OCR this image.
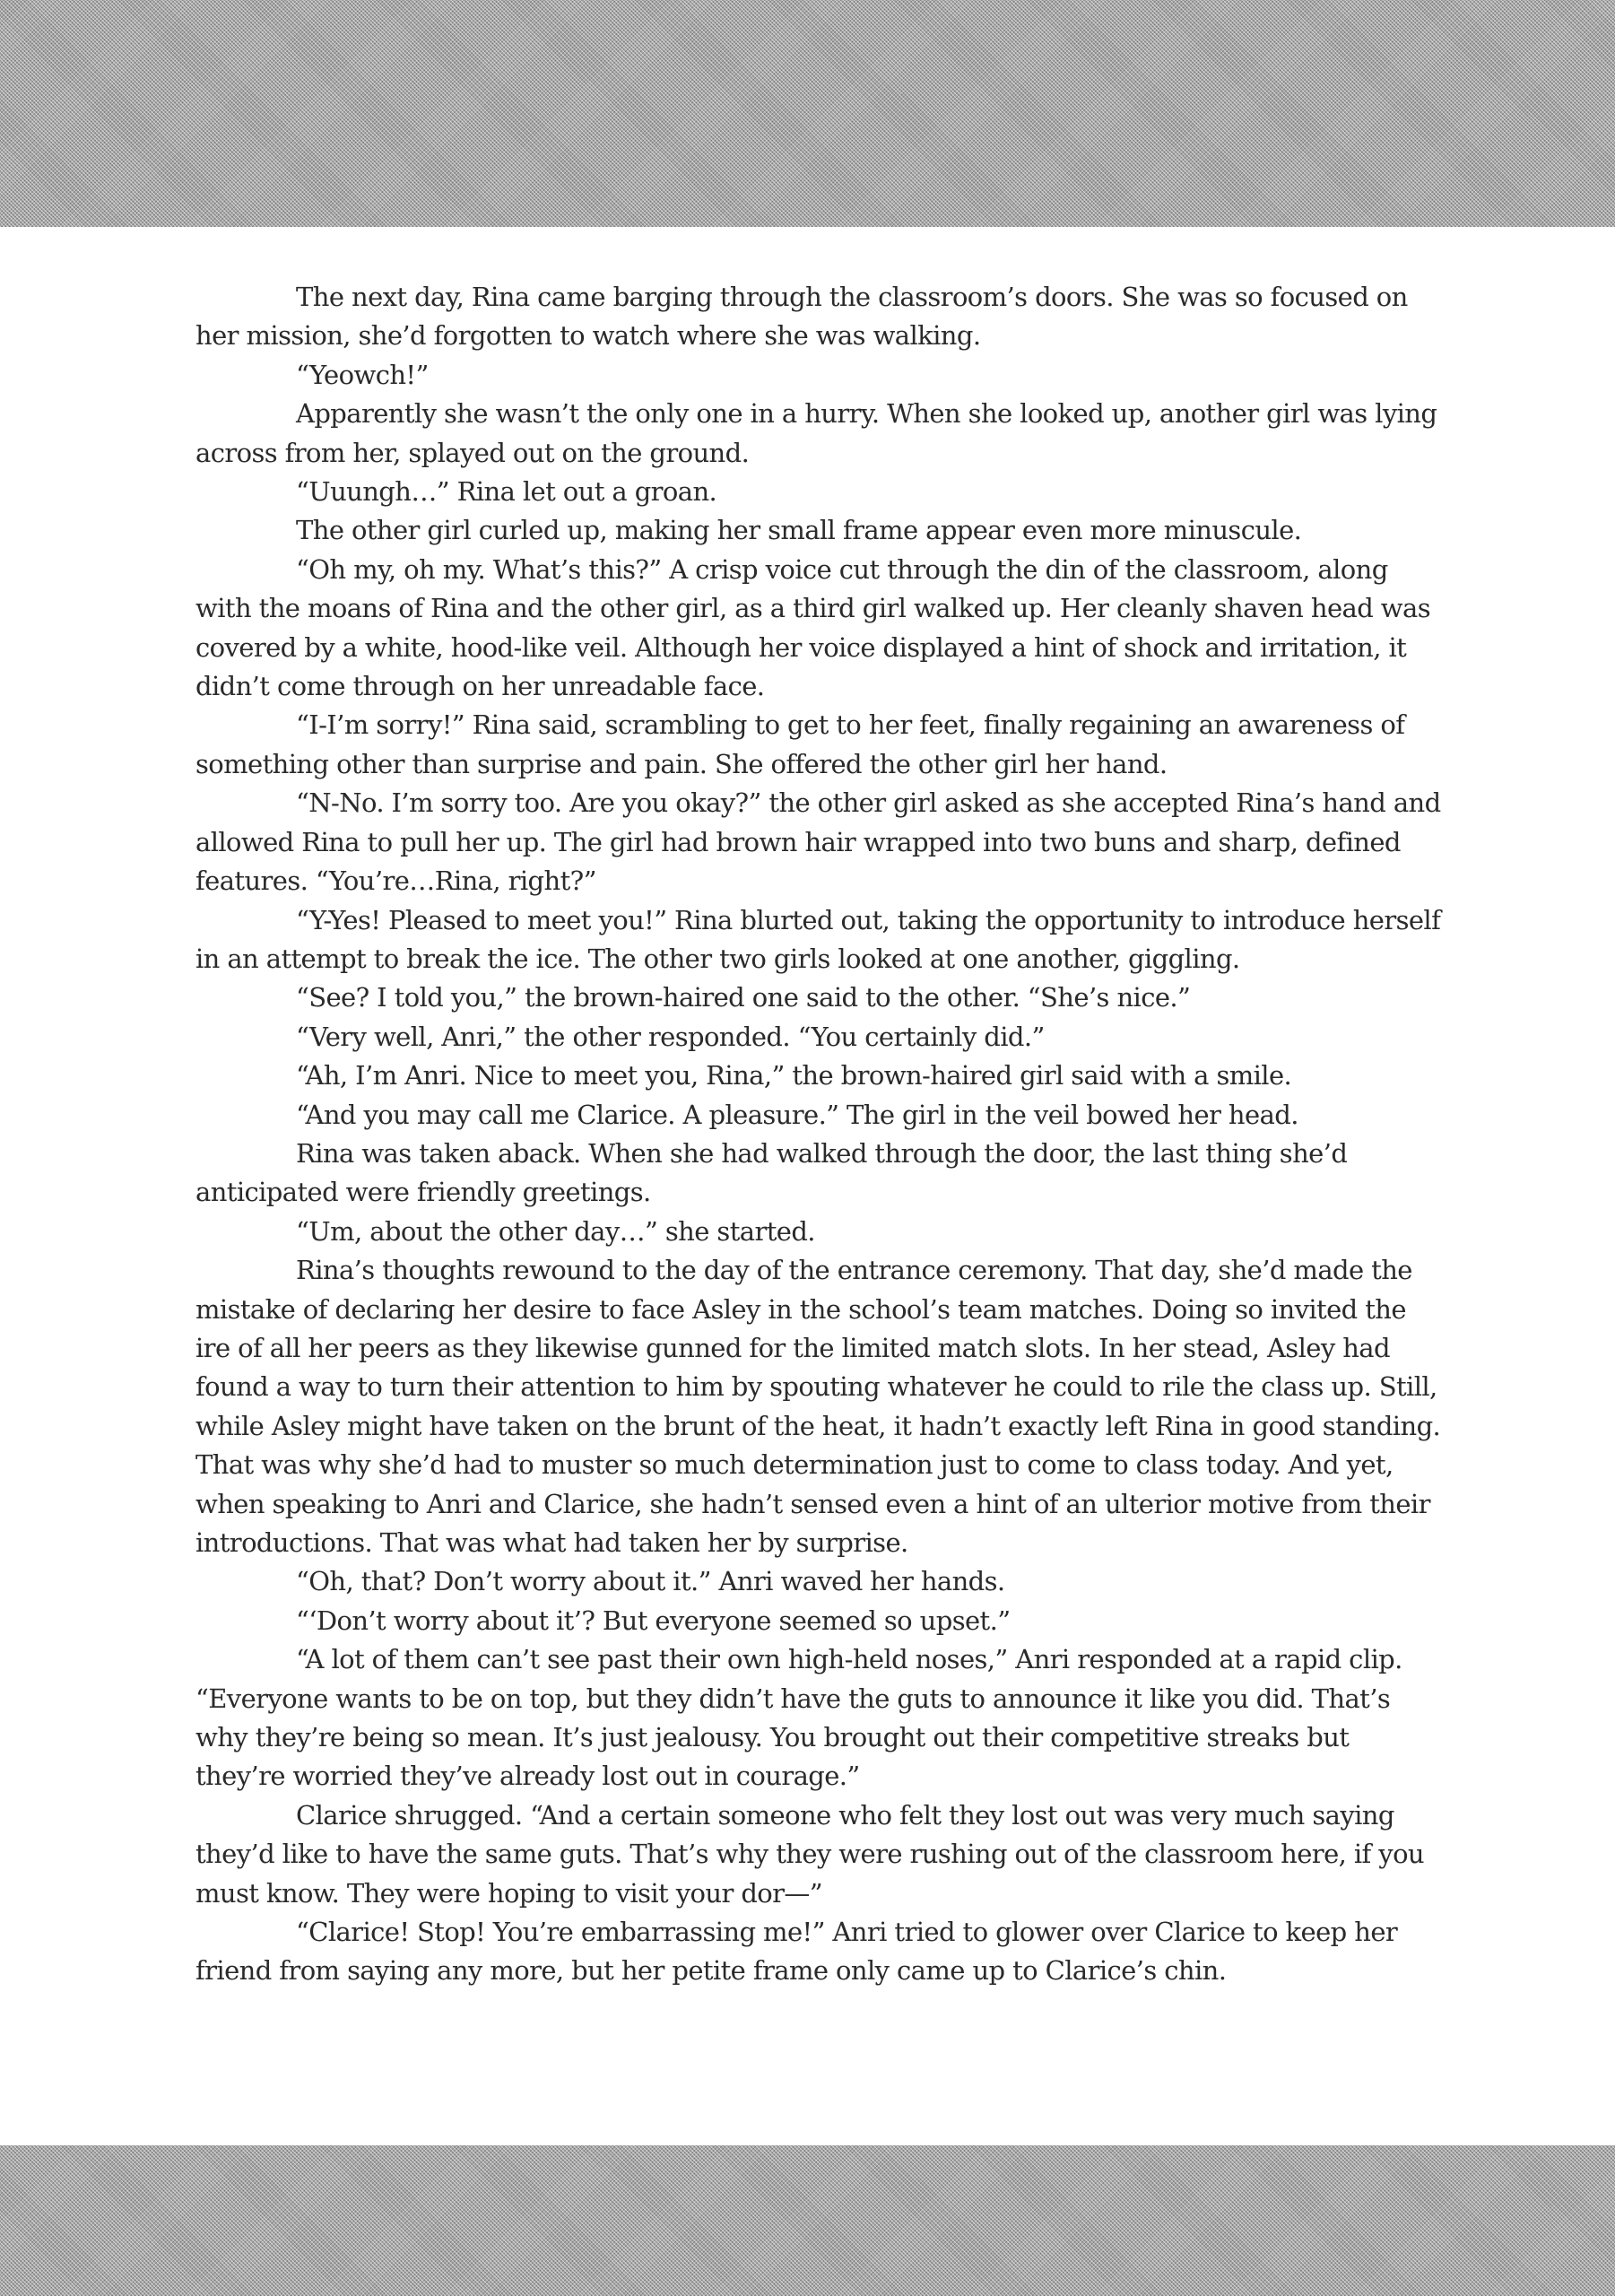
The next day, Rina came barging through the classroom’s doors. She was so focused on her mission, she’d forgotten to watch where she was walking.

“Yeowch!”

Apparently she wasn’t the only one in a hurry. When she looked up, another girl was lying across from her, splayed out on the ground.

“Uuungh…” Rina let out a groan.

The other girl curled up, making her small frame appear even more minuscule.

“Oh my, oh my. What’s this?” A crisp voice cut through the din of the classroom, along with the moans of Rina and the other girl, as a third girl walked up. Her cleanly shaven head was covered by a white, hood-like veil. Although her voice displayed a hint of shock and irritation, it didn’t come through on her unreadable face.

“I-I’m sorry!” Rina said, scrambling to get to her feet, finally regaining an awareness of something other than surprise and pain. She offered the other girl her hand.

“N-No. I’m sorry too. Are you okay?” the other girl asked as she accepted Rina’s hand and allowed Rina to pull her up. The girl had brown hair wrapped into two buns and sharp, defined features. “You’re…Rina, right?”

“Y-Yes! Pleased to meet you!” Rina blurted out, taking the opportunity to introduce herself in an attempt to break the ice. The other two girls looked at one another, giggling.

“See? I told you,” the brown-haired one said to the other. “She’s nice.”

“Very well, Anri,” the other responded. “You certainly did.”

“Ah, I’m Anri. Nice to meet you, Rina,” the brown-haired girl said with a smile.

“And you may call me Clarice. A pleasure.” The girl in the veil bowed her head.

Rina was taken aback. When she had walked through the door, the last thing she’d anticipated were friendly greetings.

“Um, about the other day…” she started.

Rina’s thoughts rewound to the day of the entrance ceremony. That day, she’d made the mistake of declaring her desire to face Asley in the school’s team matches. Doing so invited the ire of all her peers as they likewise gunned for the limited match slots. In her stead, Asley had found a way to turn their attention to him by spouting whatever he could to rile the class up. Still, while Asley might have taken on the brunt of the heat, it hadn’t exactly left Rina in good standing. That was why she’d had to muster so much determination just to come to class today. And yet, when speaking to Anri and Clarice, she hadn’t sensed even a hint of an ulterior motive from their introductions. That was what had taken her by surprise.

“Oh, that? Don’t worry about it.” Anri waved her hands.

“‘Don’t worry about it’? But everyone seemed so upset.”

“A lot of them can’t see past their own high-held noses,” Anri responded at a rapid clip. “Everyone wants to be on top, but they didn’t have the guts to announce it like you did. That’s why they’re being so mean. It’s just jealousy. You brought out their competitive streaks but they’re worried they’ve already lost out in courage.”

Clarice shrugged. “And a certain someone who felt they lost out was very much saying they’d like to have the same guts. That’s why they were rushing out of the classroom here, if you must know. They were hoping to visit your dor—”

“Clarice! Stop! You’re embarrassing me!” Anri tried to glower over Clarice to keep her friend from saying any more, but her petite frame only came up to Clarice’s chin.
